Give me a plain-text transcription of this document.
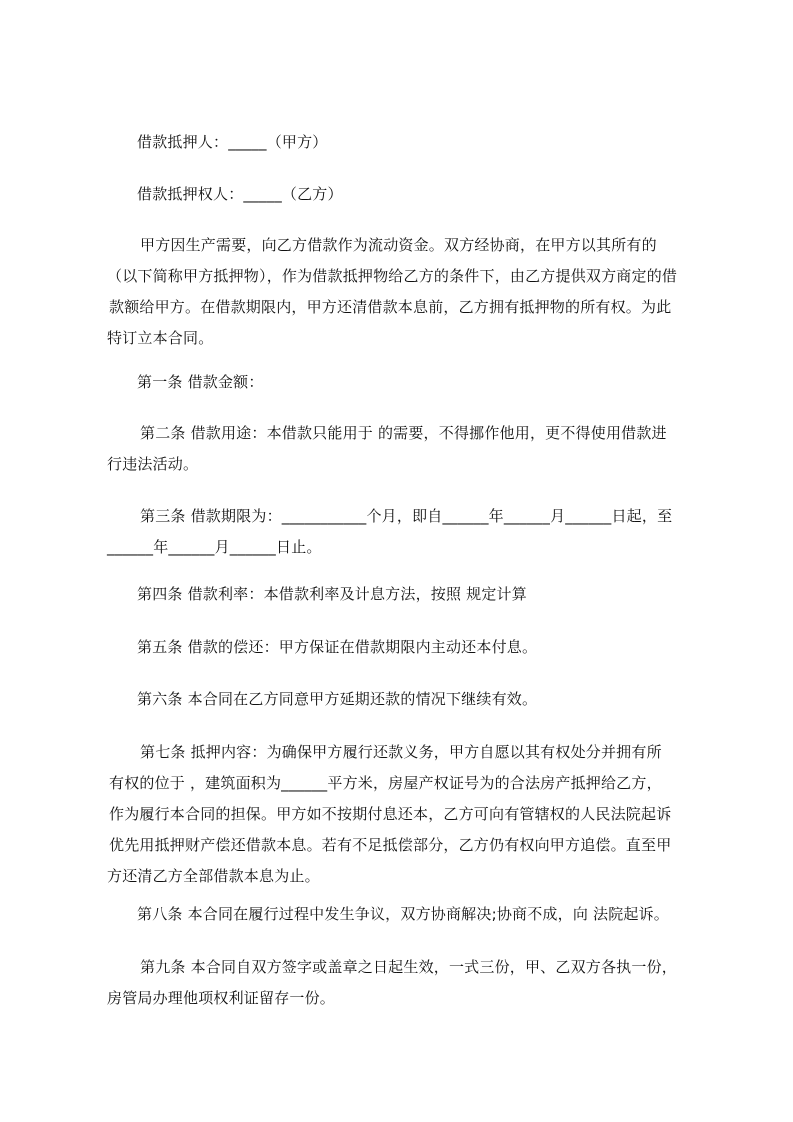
借款抵押人：_____（甲方）

借款抵押权人：_____（乙方）

甲方因生产需要，向乙方借款作为流动资金。双方经协商，在甲方以其所有的
（以下简称甲方抵押物），作为借款抵押物给乙方的条件下，由乙方提供双方商定的借
款额给甲方。在借款期限内，甲方还清借款本息前，乙方拥有抵押物的所有权。为此
特订立本合同。

第一条 借款金额：

第二条 借款用途：本借款只能用于 的需要，不得挪作他用，更不得使用借款进
行违法活动。
第三条 借款期限为：___________个月，即自______年______月______日起，至
______年______月______日止。

第四条 借款利率：本借款利率及计息方法，按照 规定计算

第五条 借款的偿还：甲方保证在借款期限内主动还本付息。

第六条 本合同在乙方同意甲方延期还款的情况下继续有效。

第七条 抵押内容：为确保甲方履行还款义务，甲方自愿以其有权处分并拥有所
有权的位于 ，建筑面积为______平方米，房屋产权证号为的合法房产抵押给乙方，
作为履行本合同的担保。甲方如不按期付息还本，乙方可向有管辖权的人民法院起诉
优先用抵押财产偿还借款本息。若有不足抵偿部分，乙方仍有权向甲方追偿。直至甲
方还清乙方全部借款本息为止。

第八条 本合同在履行过程中发生争议，双方协商解决;协商不成，向 法院起诉。

第九条 本合同自双方签字或盖章之日起生效，一式三份，甲、乙双方各执一份，
房管局办理他项权利证留存一份。
